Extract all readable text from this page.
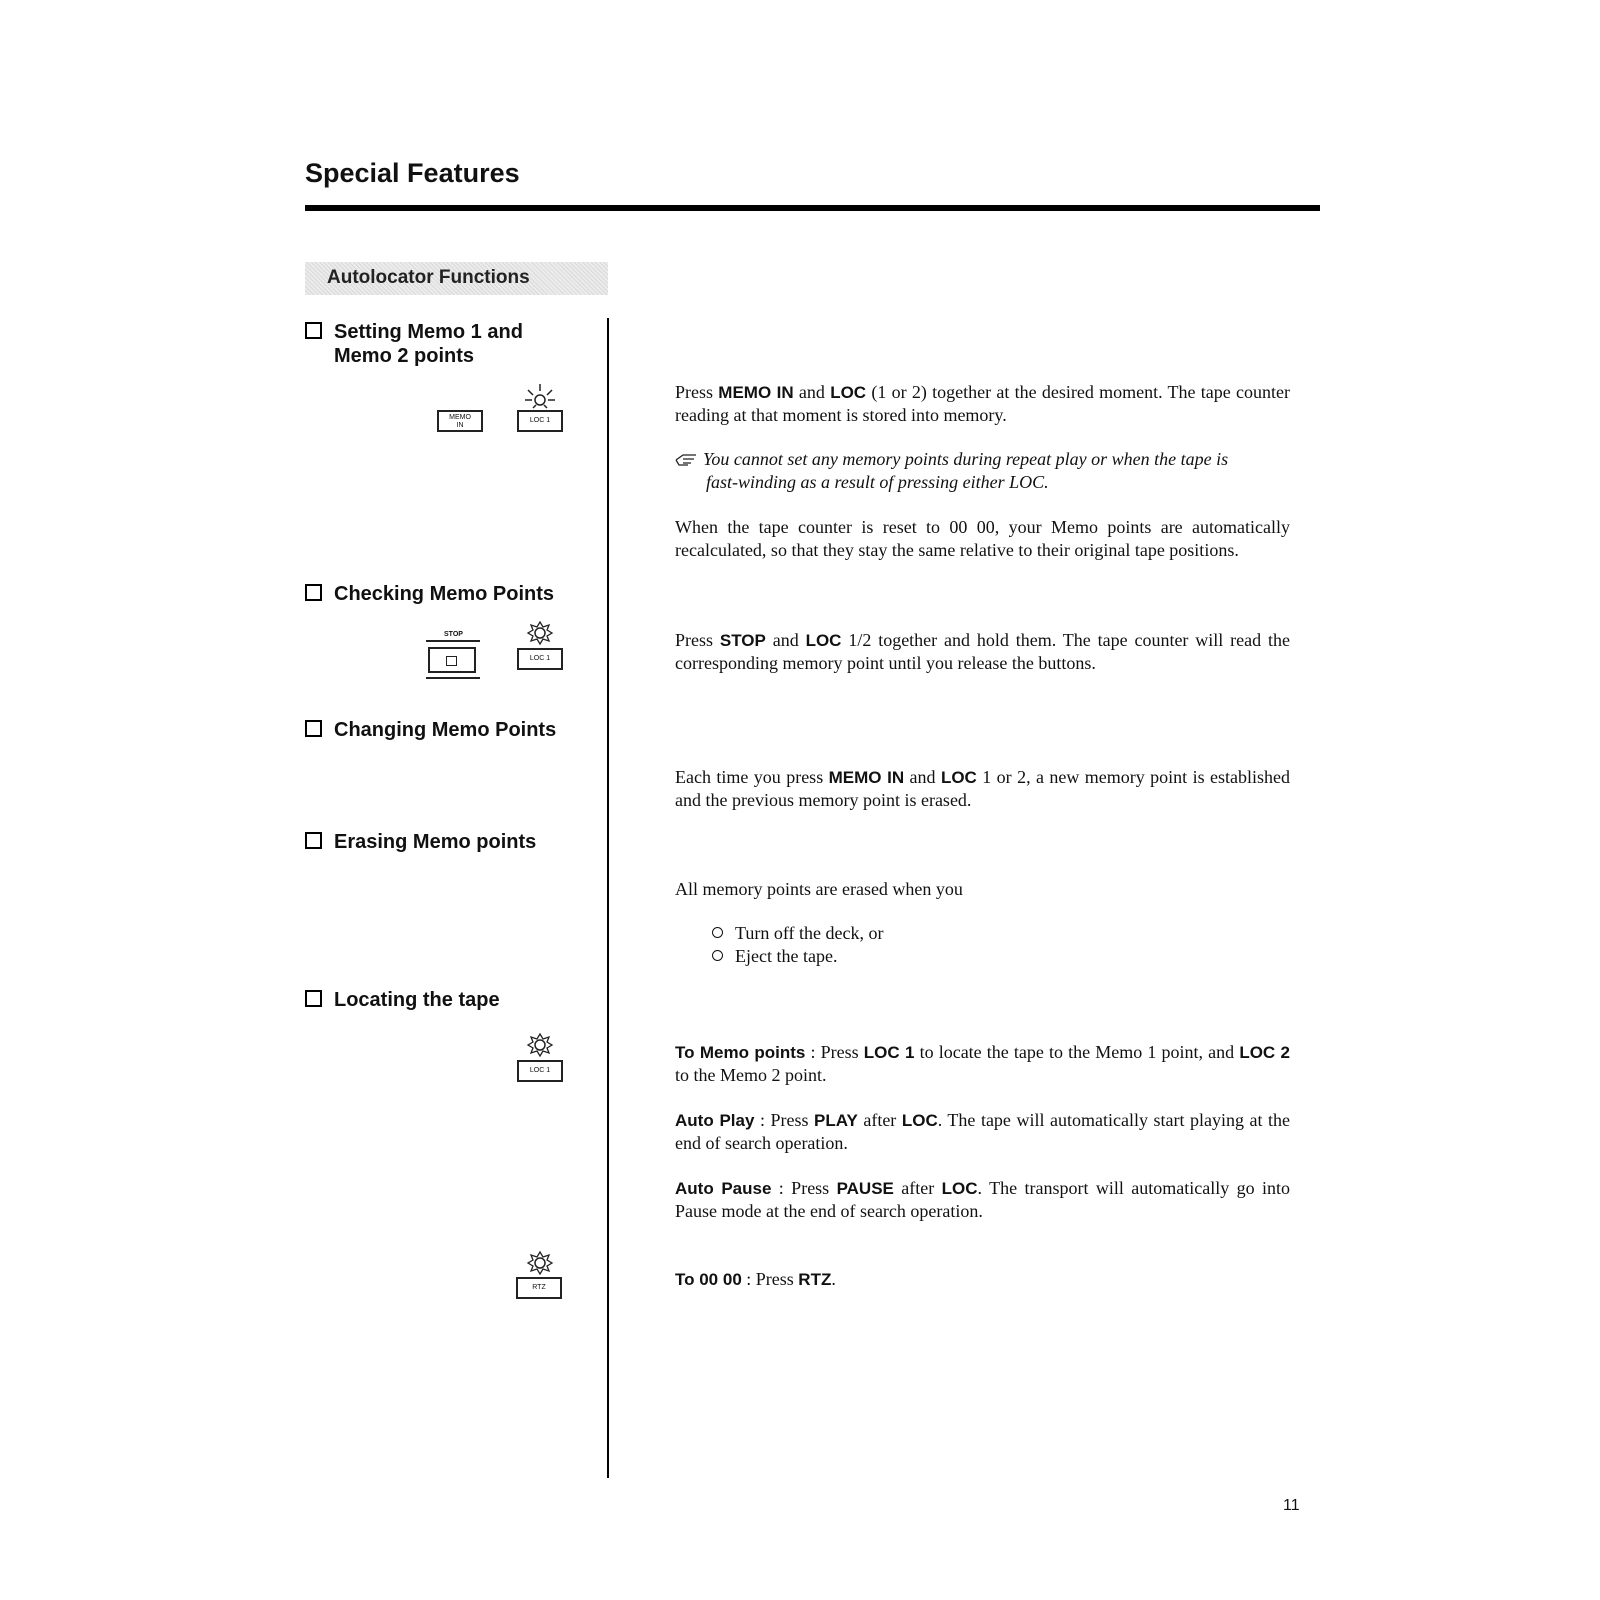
Special Features
Autolocator Functions
Setting Memo 1 and
Memo 2 points
MEMO
IN
LOC 1
Press MEMO IN and LOC (1 or 2) together at the desired moment. The tape counter reading at that moment is stored into memory.
You cannot set any memory points during repeat play or when the tape is
fast-winding as a result of pressing either LOC.
When the tape counter is reset to 00 00, your Memo points are automatically recalculated, so that they stay the same relative to their original tape positions.
Checking Memo Points
STOP
LOC 1
Press STOP and LOC 1/2 together and hold them. The tape counter will read the corresponding memory point until you release the buttons.
Changing Memo Points
Each time you press MEMO IN and LOC 1 or 2, a new memory point is established and the previous memory point is erased.
Erasing Memo points
All memory points are erased when you
Turn off the deck, or
Eject the tape.
Locating the tape
LOC 1
To Memo points : Press LOC 1 to locate the tape to the Memo 1 point, and LOC 2 to the Memo 2 point.
Auto Play : Press PLAY after LOC. The tape will automatically start playing at the end of search operation.
Auto Pause : Press PAUSE after LOC. The transport will automatically go into Pause mode at the end of search operation.
RTZ	To 00 00 : Press RTZ.
11
